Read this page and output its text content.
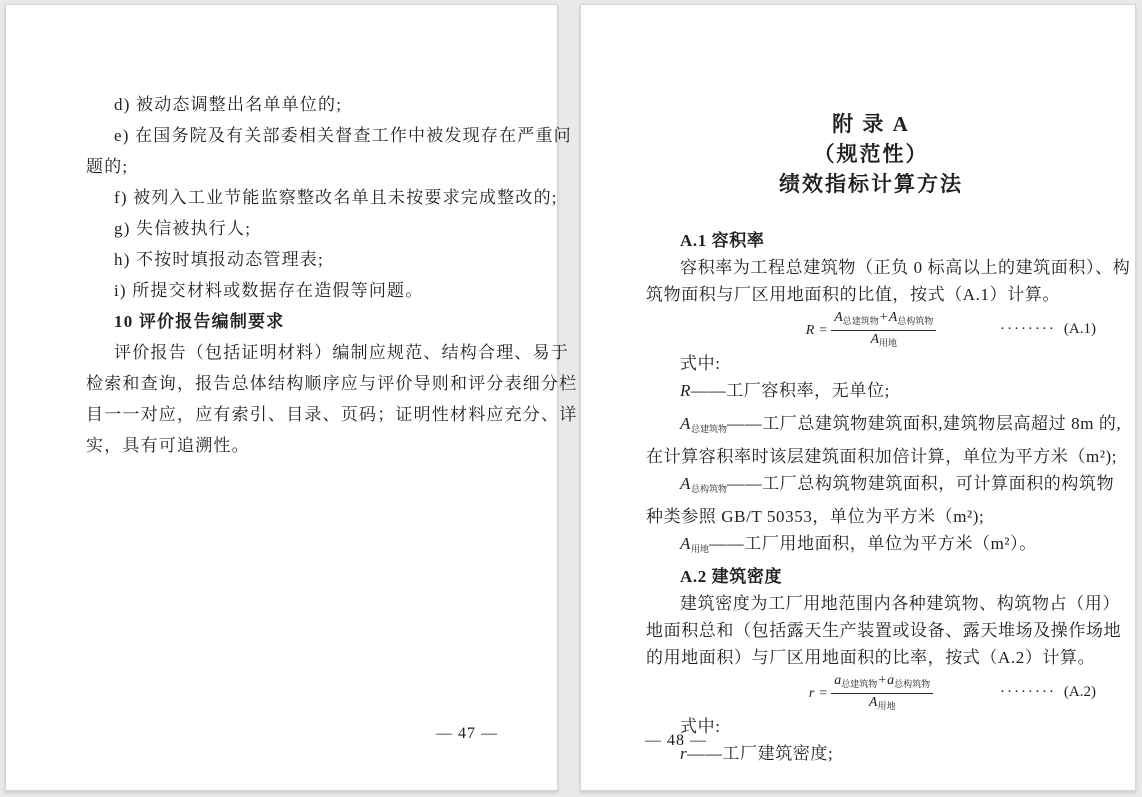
d) 被动态调整出名单单位的;

e) 在国务院及有关部委相关督查工作中被发现存在严重问

题的;

f) 被列入工业节能监察整改名单且未按要求完成整改的;

g) 失信被执行人;

h) 不按时填报动态管理表;

i) 所提交材料或数据存在造假等问题。

10 评价报告编制要求

评价报告（包括证明材料）编制应规范、结构合理、易于

检索和查询，报告总体结构顺序应与评价导则和评分表细分栏

目一一对应，应有索引、目录、页码；证明性材料应充分、详

实，具有可追溯性。

— 47 —
附 录 A
（规范性）
绩效指标计算方法

A.1 容积率

容积率为工程总建筑物（正负 0 标高以上的建筑面积）、构

筑物面积与厂区用地面积的比值，按式（A.1）计算。

$R = \frac{A_{总建筑物}+A_{总构筑物}}{A_{用地}}$	········ (A.1)

式中:

R——工厂容积率，无单位;

$A_{总建筑物}——$工厂总建筑物建筑面积,建筑物层高超过 8m 的,

在计算容积率时该层建筑面积加倍计算，单位为平方米（m²);

$A_{总构筑物}——$工厂总构筑物建筑面积，可计算面积的构筑物

种类参照 GB/T 50353，单位为平方米（m²);

$A_{用地}——$工厂用地面积，单位为平方米（m²）。

A.2 建筑密度

建筑密度为工厂用地范围内各种建筑物、构筑物占（用）

地面积总和（包括露天生产装置或设备、露天堆场及操作场地

的用地面积）与厂区用地面积的比率，按式（A.2）计算。

$r = \frac{a_{总建筑物}+a_{总构筑物}}{A_{用地}}$	········ (A.2)

式中:

r——工厂建筑密度;

— 48 —
